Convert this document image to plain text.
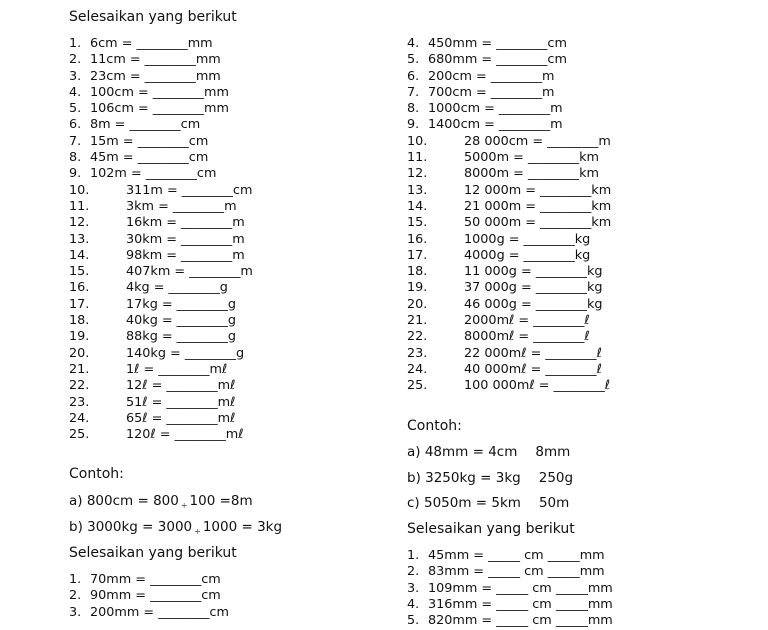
Selesaikan yang berikut
1. 6cm = ________mm
2. 11cm = ________mm
3. 23cm = ________mm
4. 100cm = ________mm
5. 106cm = ________mm
6. 8m = ________cm
7. 15m = ________cm
8. 45m = ________cm
9. 102m = ________cm
10.	311m = ________cm
11.	3km = ________m
12.	16km = ________m
13.	30km = ________m
14.	98km = ________m
15.	407km = ________m
16.	4kg = ________g
17.	17kg = ________g
18.	40kg = ________g
19.	88kg = ________g
20.	140kg = ________g
21.	1ℓ = ________mℓ
22.	12ℓ = ________mℓ
23.	51ℓ = ________mℓ
24.	65ℓ = ________mℓ
25.	120ℓ = ________mℓ
Contoh:
a) 800cm = 800 $_\div$ 100 =8m
b) 3000kg = 3000 $_\div$ 1000 = 3kg
Selesaikan yang berikut
1. 70mm = ________cm
2. 90mm = ________cm
3. 200mm = ________cm
4. 450mm = ________cm
5. 680mm = ________cm
6. 200cm = ________m
7. 700cm = ________m
8. 1000cm = ________m
9. 1400cm = ________m
10.	28 000cm = ________m
11.	5000m = ________km
12.	8000m = ________km
13.	12 000m = ________km
14.	21 000m = ________km
15.	50 000m = ________km
16.	1000g = ________kg
17.	4000g = ________kg
18.	11 000g = ________kg
19.	37 000g = ________kg
20.	46 000g = ________kg
21.	2000mℓ = ________ℓ
22.	8000mℓ = ________ℓ
23.	22 000mℓ = ________ℓ
24.	40 000mℓ = ________ℓ
25.	100 000mℓ = ________ℓ
Contoh:
a) 48mm = 4cm 8mm
b) 3250kg = 3kg 250g
c) 5050m = 5km 50m
Selesaikan yang berikut
1. 45mm = _____ cm _____mm
2. 83mm = _____ cm _____mm
3. 109mm = _____ cm _____mm
4. 316mm = _____ cm _____mm
5. 820mm = _____ cm _____mm
